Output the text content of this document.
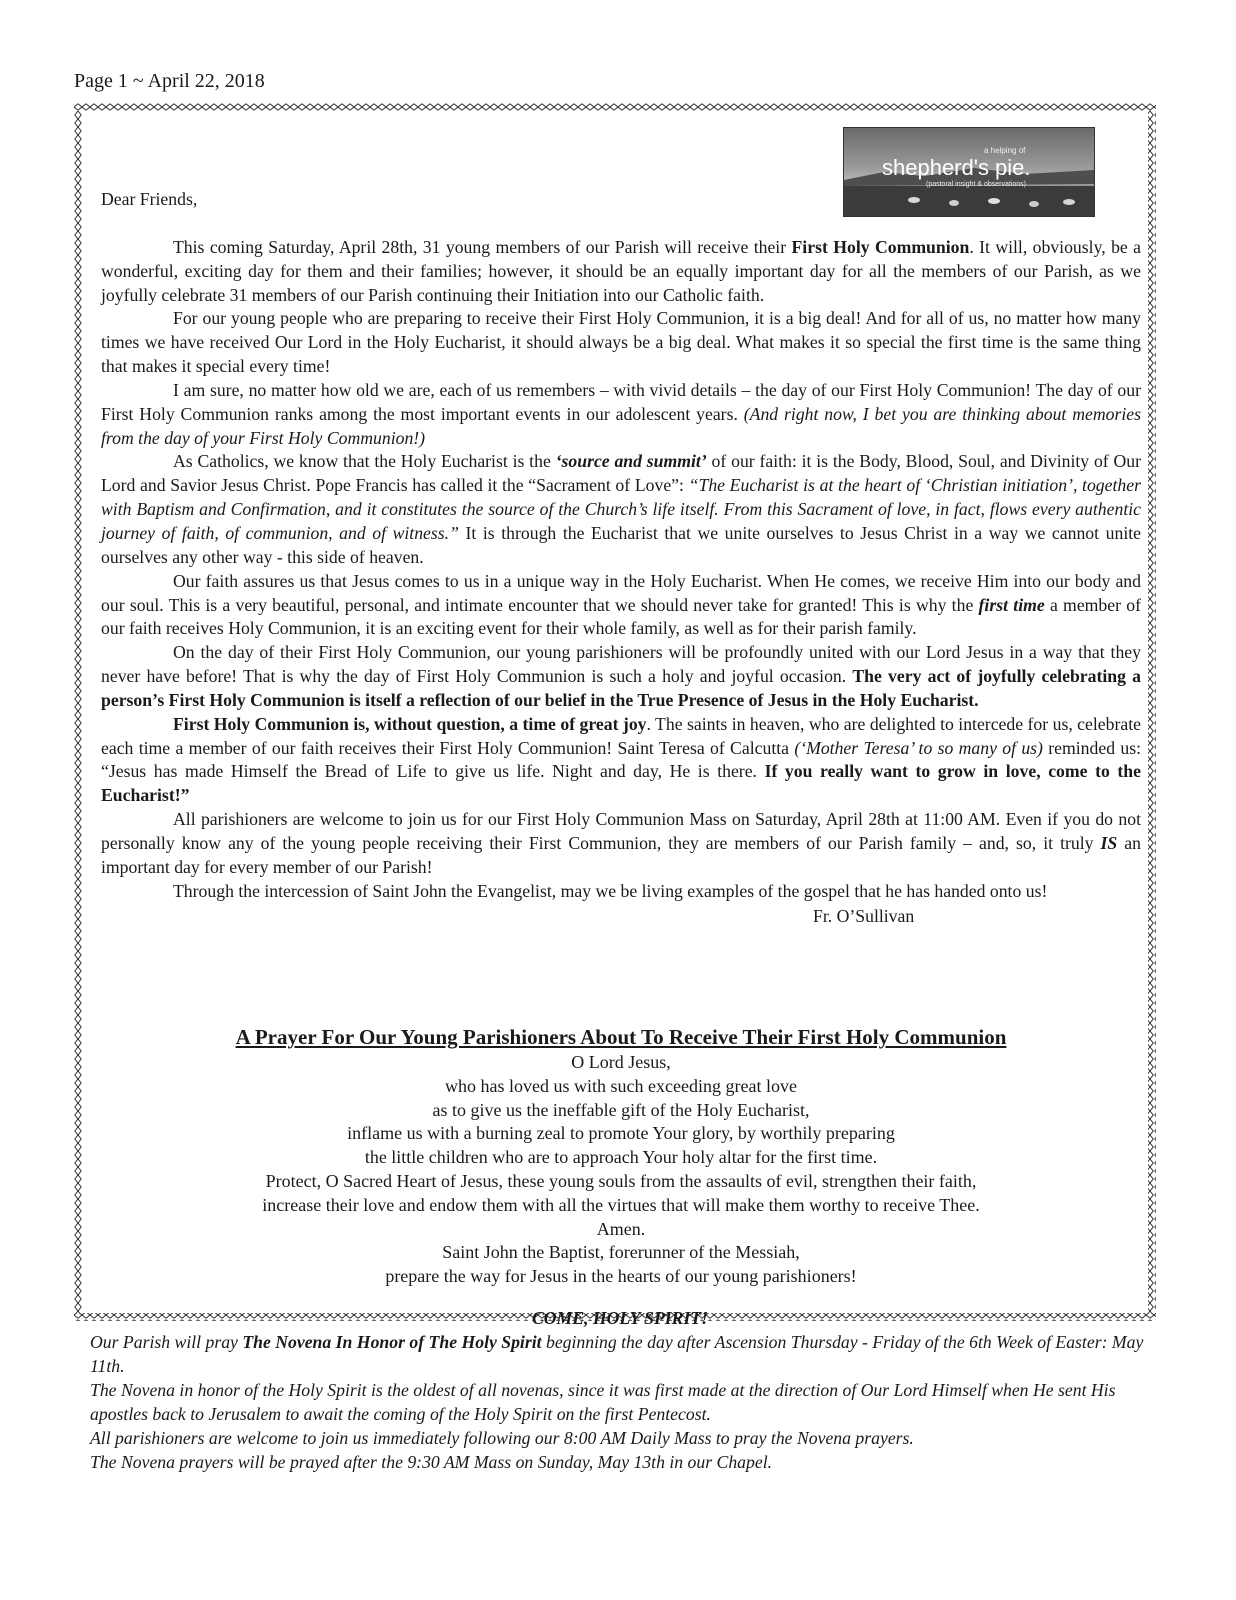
Page 1 ~ April 22, 2018
a helping of
shepherd's pie.
(pastoral insight & observations)

Dear Friends,

This coming Saturday, April 28th, 31 young members of our Parish will receive their First Holy Communion. It will, obviously, be a wonderful, exciting day for them and their families; however, it should be an equally important day for all the members of our Parish, as we joyfully celebrate 31 members of our Parish continuing their Initiation into our Catholic faith.

For our young people who are preparing to receive their First Holy Communion, it is a big deal! And for all of us, no matter how many times we have received Our Lord in the Holy Eucharist, it should always be a big deal. What makes it so special the first time is the same thing that makes it special every time!

I am sure, no matter how old we are, each of us remembers – with vivid details – the day of our First Holy Communion! The day of our First Holy Communion ranks among the most important events in our adolescent years. (And right now, I bet you are thinking about memories from the day of your First Holy Communion!)

As Catholics, we know that the Holy Eucharist is the ‘source and summit’ of our faith: it is the Body, Blood, Soul, and Divinity of Our Lord and Savior Jesus Christ. Pope Francis has called it the “Sacrament of Love”: “The Eucharist is at the heart of ‘Christian initiation’, together with Baptism and Confirmation, and it constitutes the source of the Church’s life itself. From this Sacrament of love, in fact, flows every authentic journey of faith, of communion, and of witness.” It is through the Eucharist that we unite ourselves to Jesus Christ in a way we cannot unite ourselves any other way - this side of heaven.

Our faith assures us that Jesus comes to us in a unique way in the Holy Eucharist. When He comes, we receive Him into our body and our soul. This is a very beautiful, personal, and intimate encounter that we should never take for granted! This is why the first time a member of our faith receives Holy Communion, it is an exciting event for their whole family, as well as for their parish family.

On the day of their First Holy Communion, our young parishioners will be profoundly united with our Lord Jesus in a way that they never have before! That is why the day of First Holy Communion is such a holy and joyful occasion. The very act of joyfully celebrating a person’s First Holy Communion is itself a reflection of our belief in the True Presence of Jesus in the Holy Eucharist.

First Holy Communion is, without question, a time of great joy. The saints in heaven, who are delighted to intercede for us, celebrate each time a member of our faith receives their First Holy Communion! Saint Teresa of Calcutta (‘Mother Teresa’ to so many of us) reminded us: “Jesus has made Himself the Bread of Life to give us life. Night and day, He is there. If you really want to grow in love, come to the Eucharist!”

All parishioners are welcome to join us for our First Holy Communion Mass on Saturday, April 28th at 11:00 AM. Even if you do not personally know any of the young people receiving their First Communion, they are members of our Parish family – and, so, it truly IS an important day for every member of our Parish!

Through the intercession of Saint John the Evangelist, may we be living examples of the gospel that he has handed onto us!

Fr. O’Sullivan

A Prayer For Our Young Parishioners About To Receive Their First Holy Communion
O Lord Jesus,
who has loved us with such exceeding great love
as to give us the ineffable gift of the Holy Eucharist,
inflame us with a burning zeal to promote Your glory, by worthily preparing
the little children who are to approach Your holy altar for the first time.
Protect, O Sacred Heart of Jesus, these young souls from the assaults of evil, strengthen their faith,
increase their love and endow them with all the virtues that will make them worthy to receive Thee.
Amen.
Saint John the Baptist, forerunner of the Messiah,
prepare the way for Jesus in the hearts of our young parishioners!
COME, HOLY SPIRIT!

Our Parish will pray The Novena In Honor of The Holy Spirit beginning the day after Ascension Thursday - Friday of the 6th Week of Easter: May 11th.

The Novena in honor of the Holy Spirit is the oldest of all novenas, since it was first made at the direction of Our Lord Himself when He sent His apostles back to Jerusalem to await the coming of the Holy Spirit on the first Pentecost.

All parishioners are welcome to join us immediately following our 8:00 AM Daily Mass to pray the Novena prayers.

The Novena prayers will be prayed after the 9:30 AM Mass on Sunday, May 13th in our Chapel.
